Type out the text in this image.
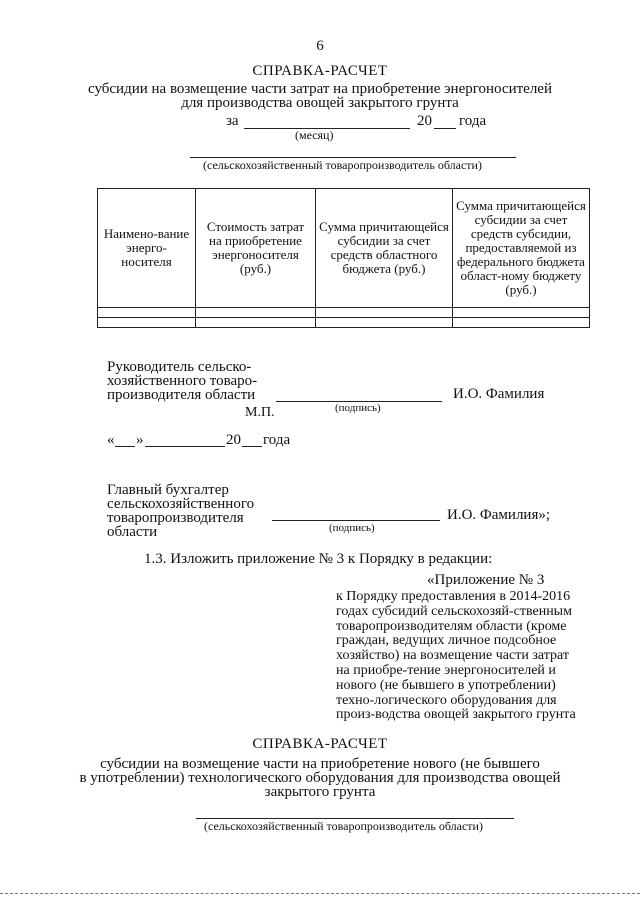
6
СПРАВКА-РАСЧЕТ
субсидии на возмещение части затрат на приобретение энергоносителей
для производства овощей закрытого грунта
за	20 года
(месяц)
(сельскохозяйственный товаропроизводитель области)
Наимено-вание энерго-носителя	Стоимость затрат на приобретение энергоносителя (руб.)	Сумма причитающейся субсидии за счет средств областного бюджета (руб.)	Сумма причитающейся субсидии за счет средств субсидии, предоставляемой из федерального бюджета област-ному бюджету (руб.)

Руководитель сельско-
хозяйственного товаро-
производителя области	И.О. Фамилия
(подпись)
М.П.
« »	20 года
Главный бухгалтер
сельскохозяйственного
товаропроизводителя
области
И.О. Фамилия»;
(подпись)
1.3. Изложить приложение № 3 к Порядку в редакции:
«Приложение № 3
к Порядку предоставления в 2014-2016 годах субсидий сельскохозяй-ственным товаропроизводителям области (кроме граждан, ведущих личное подсобное хозяйство) на возмещение части затрат на приобре-тение энергоносителей и нового (не бывшего в употреблении) техно-логического оборудования для произ-водства овощей закрытого грунта
СПРАВКА-РАСЧЕТ
субсидии на возмещение части на приобретение нового (не бывшего
в употреблении) технологического оборудования для производства овощей
закрытого грунта
(сельскохозяйственный товаропроизводитель области)
